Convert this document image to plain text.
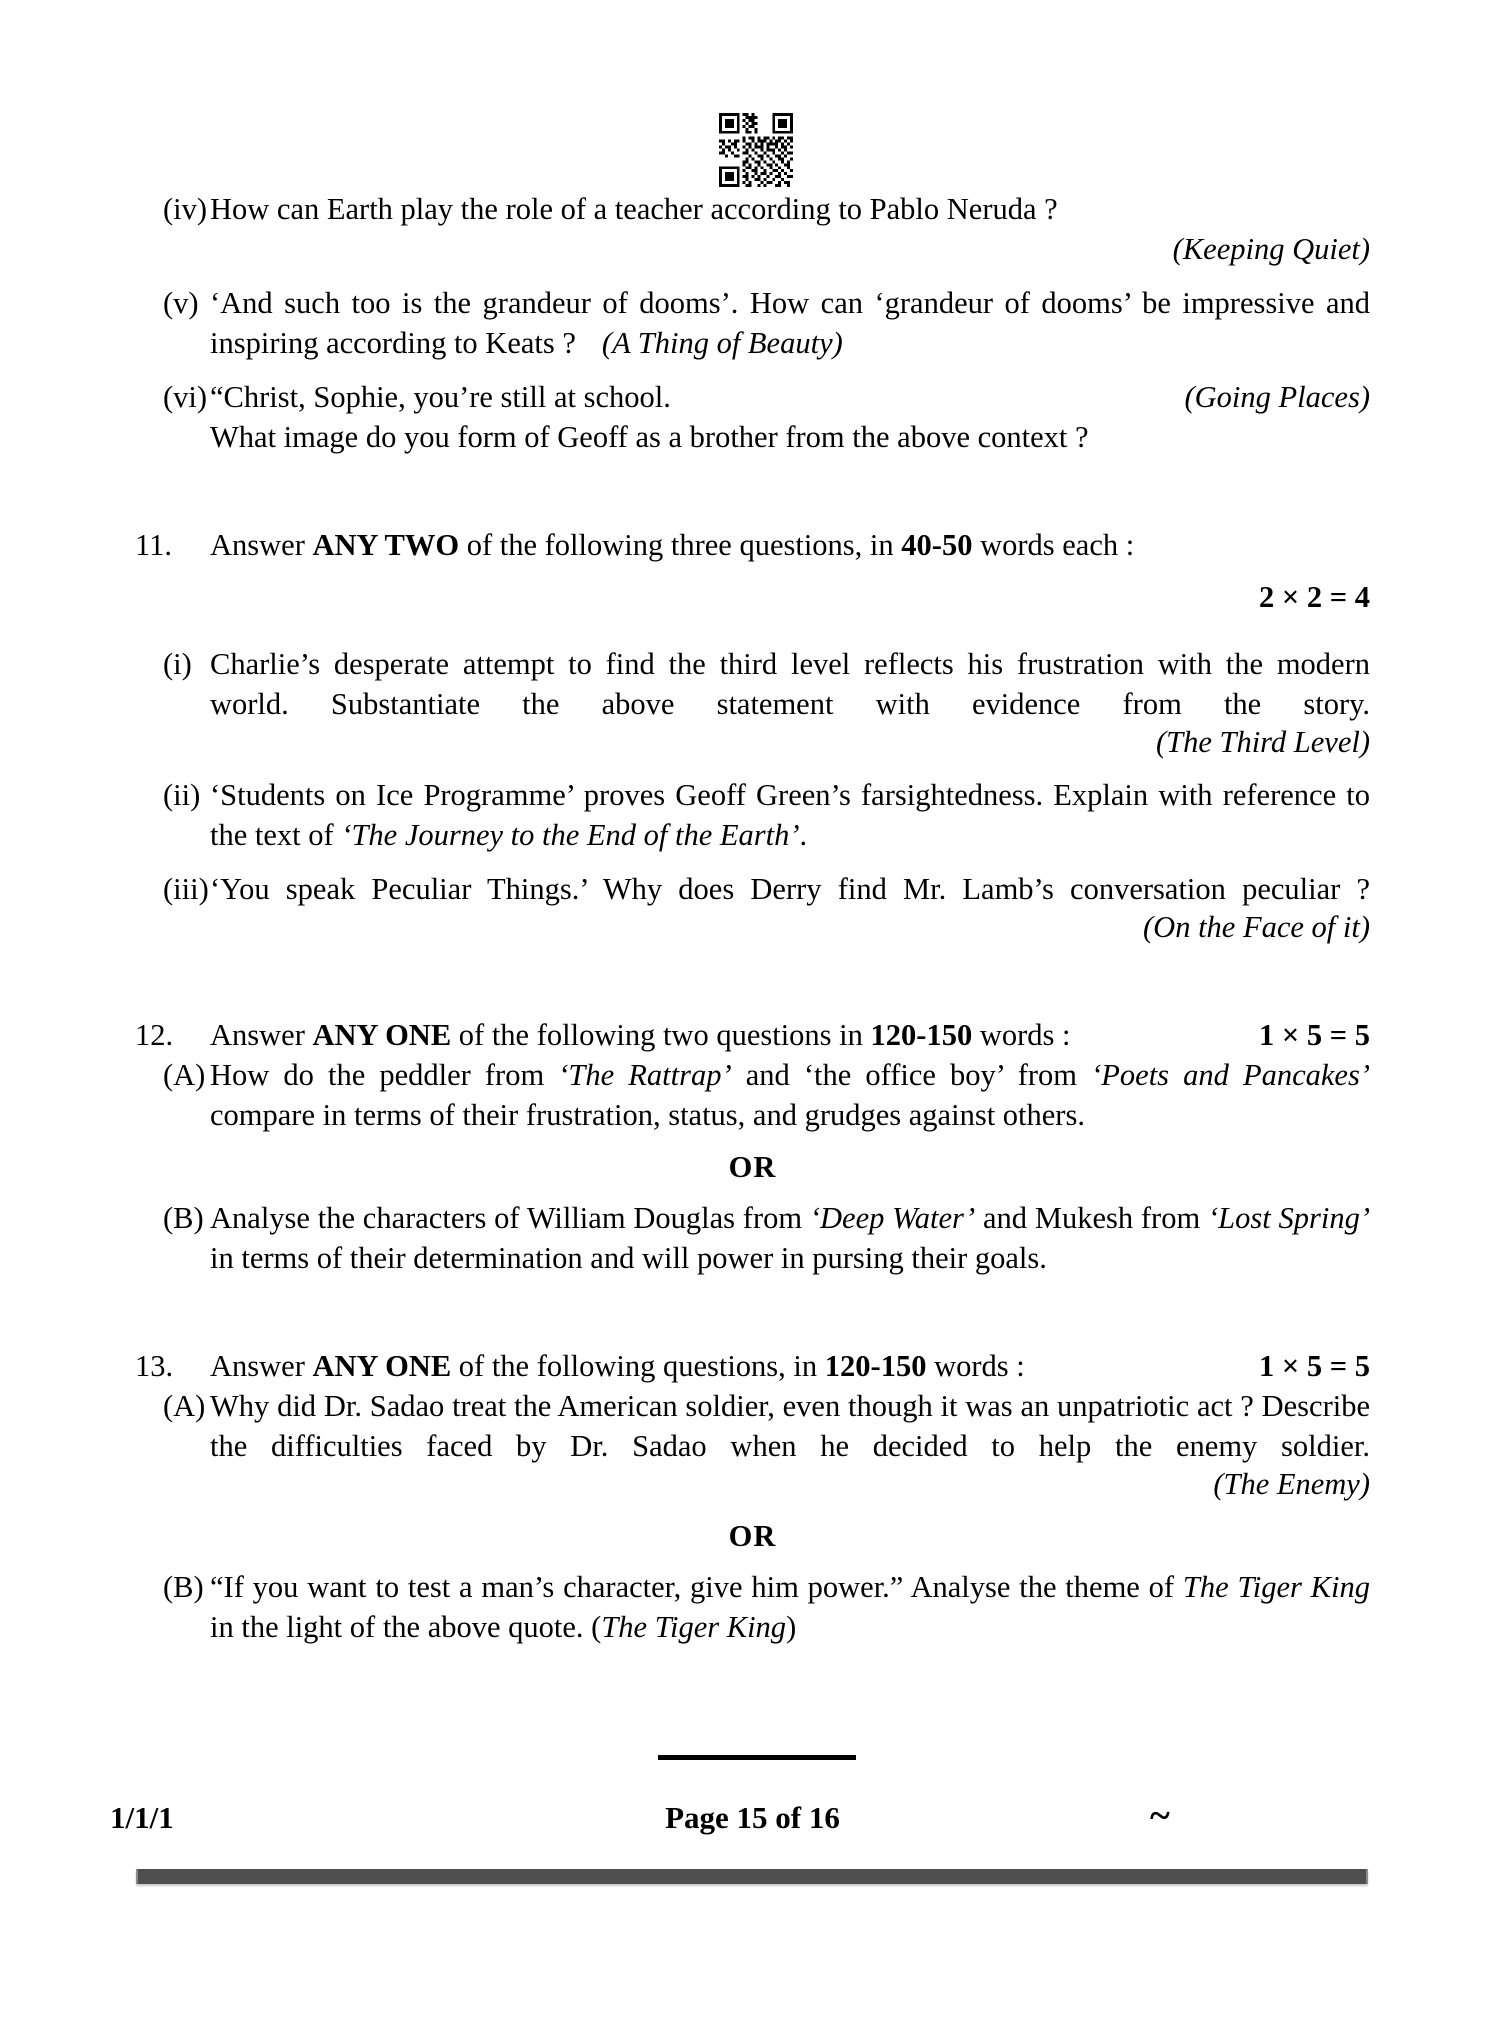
(iv) How can Earth play the role of a teacher according to Pablo Neruda ?
(Keeping Quiet)
(v) ‘And such too is the grandeur of dooms’. How can ‘grandeur of dooms’ be impressive and inspiring according to Keats ? (A Thing of Beauty)
(vi) “Christ, Sophie, you’re still at school.	(Going Places)
What image do you form of Geoff as a brother from the above context ?
11.	Answer ANY TWO of the following three questions, in 40-50 words each :
2 × 2 = 4
(i) Charlie’s desperate attempt to find the third level reflects his frustration with the modern world. Substantiate the above statement with evidence from the story.
(The Third Level)
(ii) ‘Students on Ice Programme’ proves Geoff Green’s farsightedness. Explain with reference to the text of ‘The Journey to the End of the Earth’.
(iii) ‘You speak Peculiar Things.’ Why does Derry find Mr. Lamb’s conversation peculiar ?
(On the Face of it)
12.	Answer ANY ONE of the following two questions in 120-150 words :	1 × 5 = 5
(A) How do the peddler from ‘The Rattrap’ and ‘the office boy’ from ‘Poets and Pancakes’ compare in terms of their frustration, status, and grudges against others.
OR
(B) Analyse the characters of William Douglas from ‘Deep Water’ and Mukesh from ‘Lost Spring’ in terms of their determination and will power in pursing their goals.
13.	Answer ANY ONE of the following questions, in 120-150 words :	1 × 5 = 5
(A) Why did Dr. Sadao treat the American soldier, even though it was an unpatriotic act ? Describe the difficulties faced by Dr. Sadao when he decided to help the enemy soldier.
(The Enemy)
OR
(B) “If you want to test a man’s character, give him power.” Analyse the theme of The Tiger King in the light of the above quote. (The Tiger King)
1/1/1	Page 15 of 16	~
